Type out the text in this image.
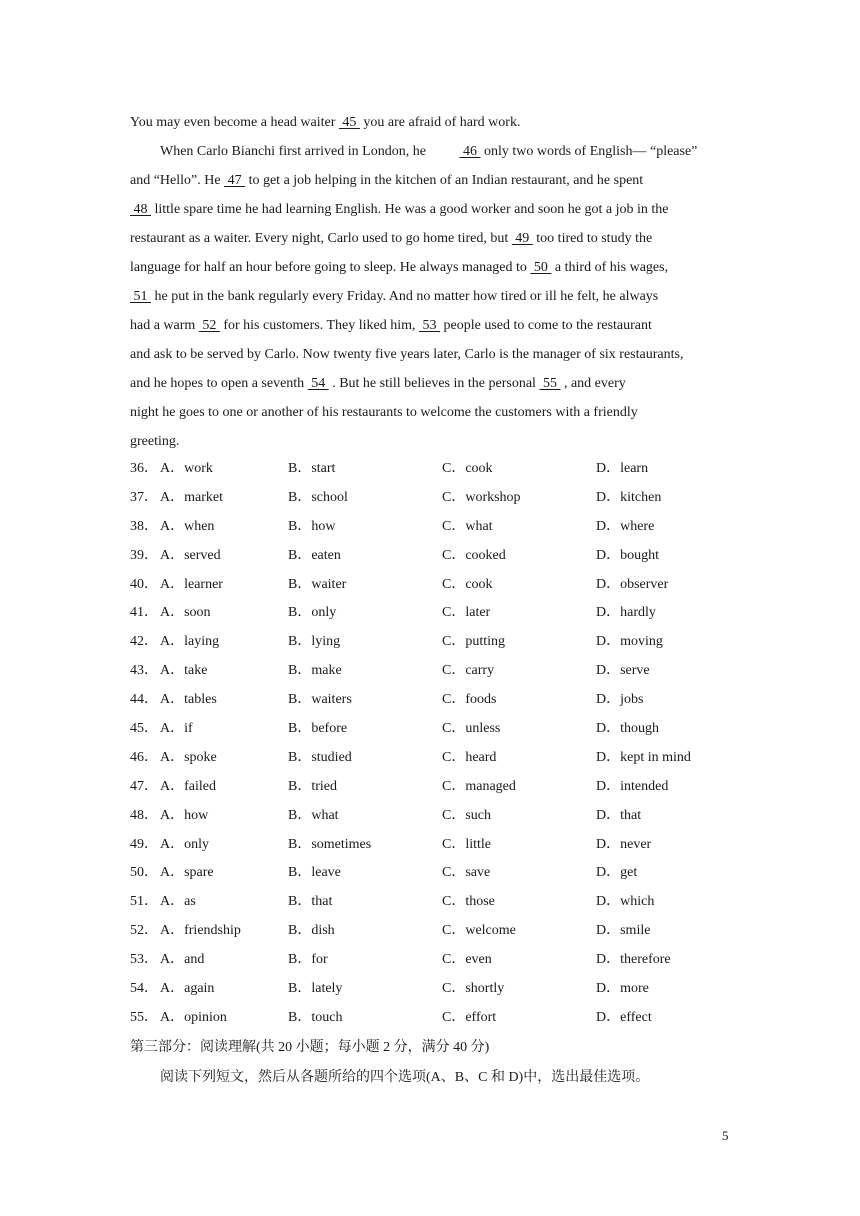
You may even become a head waiter  45  you are afraid of hard work.
When Carlo Bianchi first arrived in London, he  46  only two words of English— “please”
and “Hello”. He  47  to get a job helping in the kitchen of an Indian restaurant, and he spent
48  little spare time he had learning English. He was a good worker and soon he got a job in the
restaurant as a waiter. Every night, Carlo used to go home tired, but  49  too tired to study the
language for half an hour before going to sleep. He always managed to  50  a third of his wages,
51  he put in the bank regularly every Friday. And no matter how tired or ill he felt, he always
had a warm  52  for his customers. They liked him,  53  people used to come to the restaurant
and ask to be served by Carlo. Now twenty five years later, Carlo is the manager of six restaurants,
and he hopes to open a seventh  54  . But he still believes in the personal  55  , and every
night he goes to one or another of his restaurants to welcome the customers with a friendly
greeting.
36． A．work	B．start	C．cook	D．learn
37． A．market	B．school	C．workshop	D．kitchen
38． A．when	B．how	C．what	D．where
39． A．served	B．eaten	C．cooked	D．bought
40． A．learner	B．waiter	C．cook	D．observer
41． A．soon	B．only	C．later	D．hardly
42． A．laying	B．lying	C．putting	D．moving
43． A．take	B．make	C．carry	D．serve
44． A．tables	B．waiters	C．foods	D．jobs
45． A．if	B．before	C．unless	D．though
46． A．spoke	B．studied	C．heard	D．kept in mind
47． A．failed	B．tried	C．managed	D．intended
48． A．how	B．what	C．such	D．that
49． A．only	B．sometimes	C．little	D．never
50． A．spare	B．leave	C．save	D．get
51． A．as	B．that	C．those	D．which
52． A．friendship	B．dish	C．welcome	D．smile
53． A．and	B．for	C．even	D．therefore
54． A．again	B．lately	C．shortly	D．more
55． A．opinion	B．touch	C．effort	D．effect
第三部分：阅读理解(共 20 小题；每小题 2 分，满分 40 分)
阅读下列短文，然后从各题所给的四个选项(A、B、C 和 D)中，选出最佳选项。
5
